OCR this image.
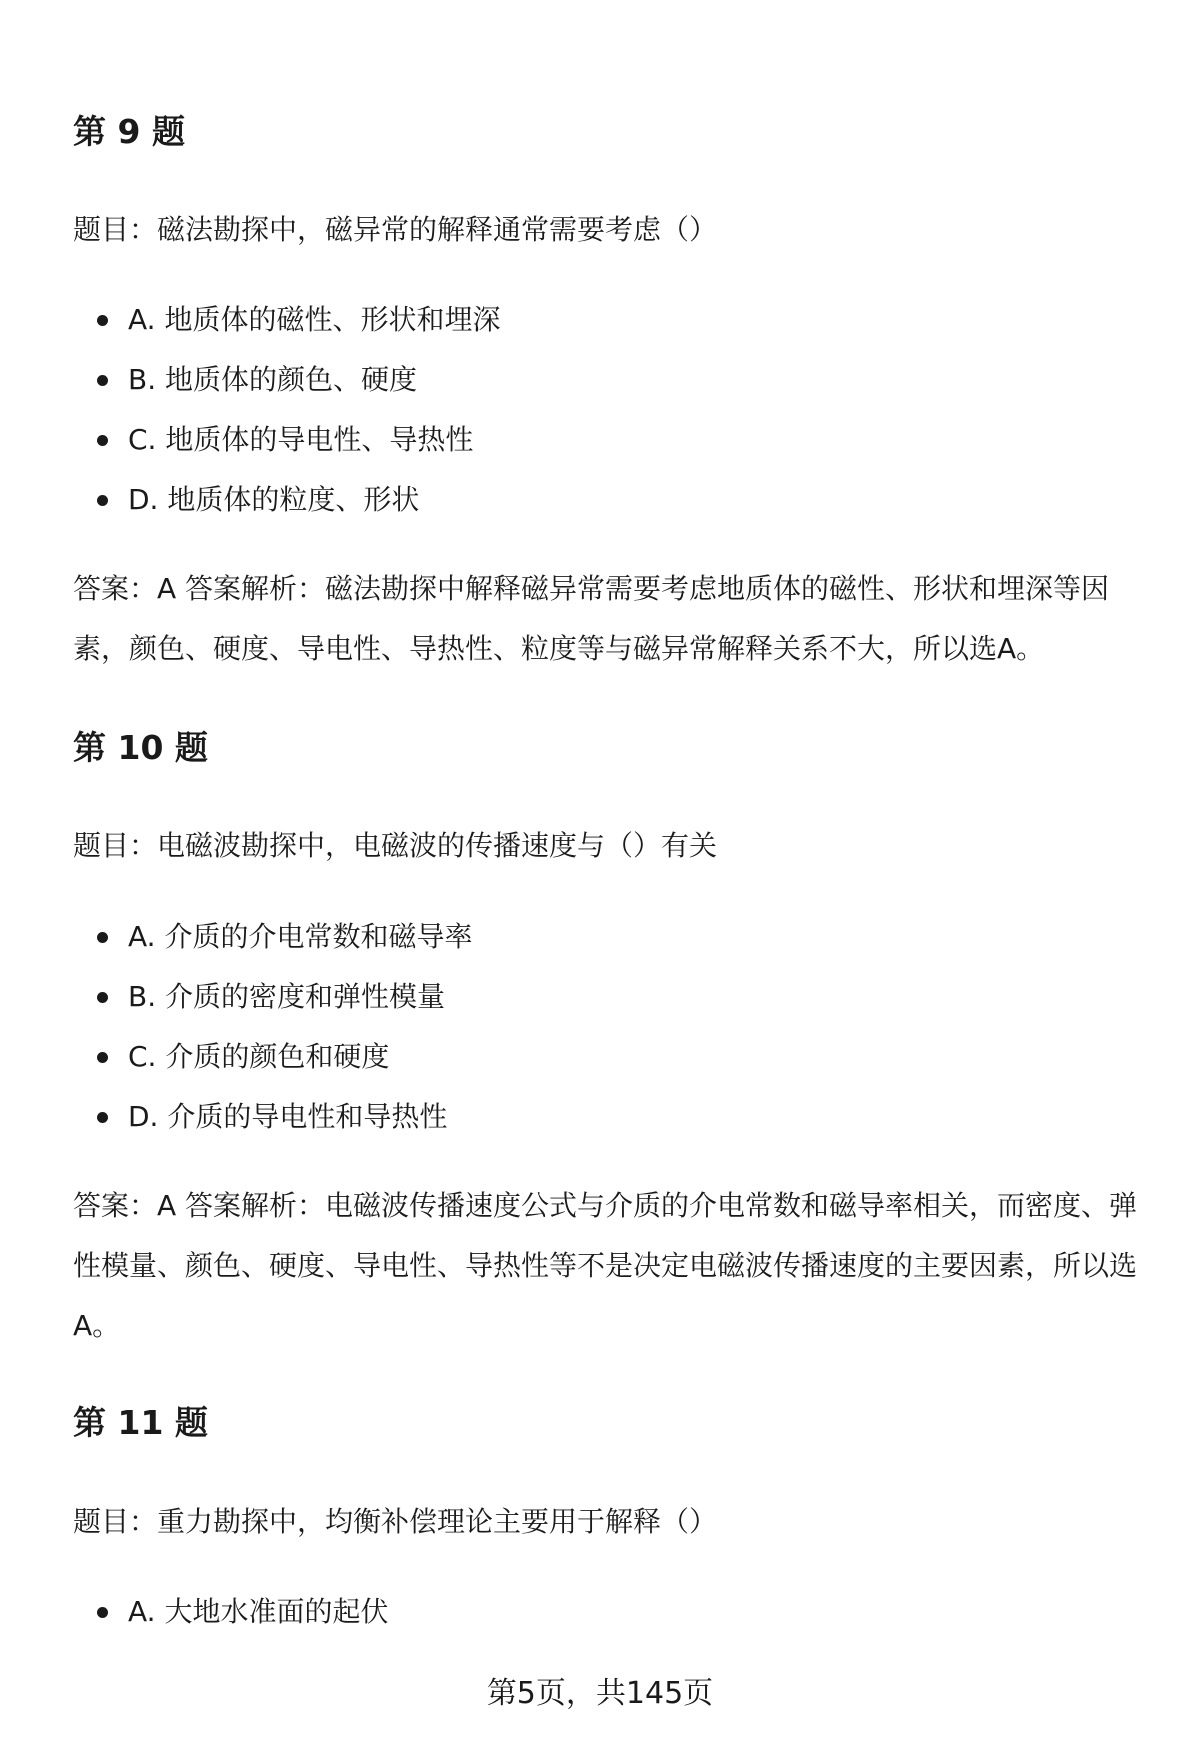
第 9 题

题目：磁法勘探中，磁异常的解释通常需要考虑（）

A. 地质体的磁性、形状和埋深
B. 地质体的颜色、硬度
C. 地质体的导电性、导热性
D. 地质体的粒度、形状

答案：A 答案解析：磁法勘探中解释磁异常需要考虑地质体的磁性、形状和埋深等因素，颜色、硬度、导电性、导热性、粒度等与磁异常解释关系不大，所以选A。

第 10 题

题目：电磁波勘探中，电磁波的传播速度与（）有关

A. 介质的介电常数和磁导率
B. 介质的密度和弹性模量
C. 介质的颜色和硬度
D. 介质的导电性和导热性

答案：A 答案解析：电磁波传播速度公式与介质的介电常数和磁导率相关，而密度、弹性模量、颜色、硬度、导电性、导热性等不是决定电磁波传播速度的主要因素，所以选A。

第 11 题

题目：重力勘探中，均衡补偿理论主要用于解释（）

A. 大地水准面的起伏
第5页，共145页
